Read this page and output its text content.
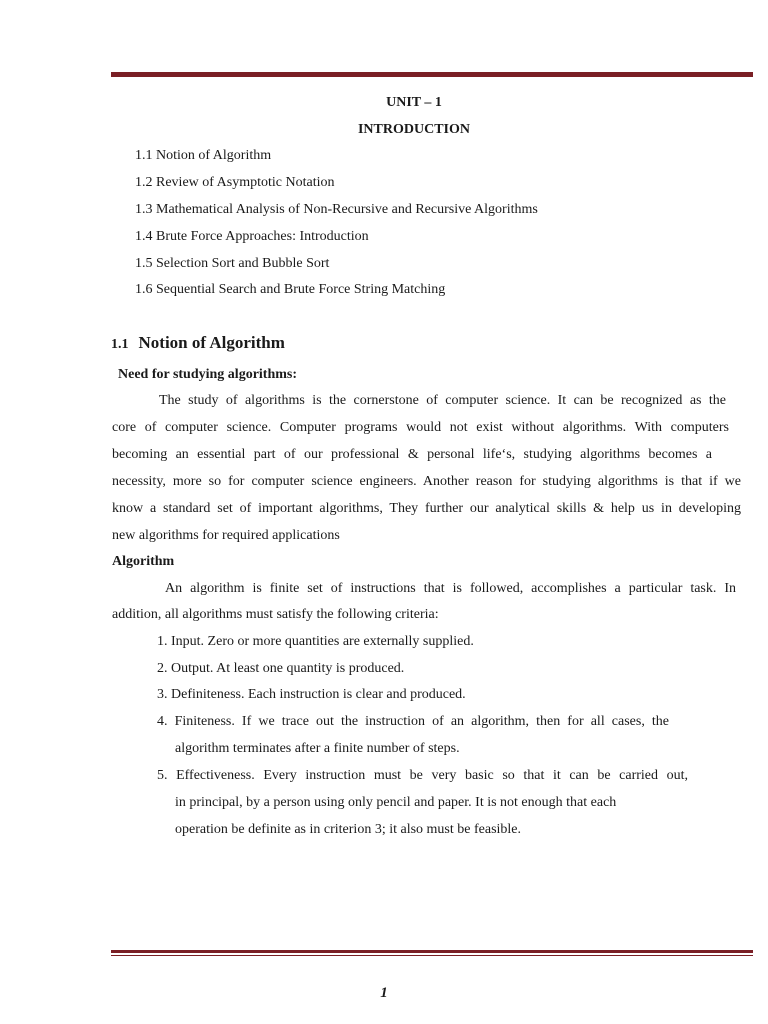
UNIT – 1
INTRODUCTION
1.1 Notion of Algorithm
1.2 Review of Asymptotic Notation
1.3 Mathematical Analysis of Non-Recursive and Recursive Algorithms
1.4 Brute Force Approaches: Introduction
1.5 Selection Sort and Bubble Sort
1.6 Sequential Search and Brute Force String Matching
1.1 Notion of Algorithm
Need for studying algorithms:
The study of algorithms is the cornerstone of computer science. It can be recognized as the
core of computer science. Computer programs would not exist without algorithms. With computers
becoming an essential part of our professional & personal life‘s, studying algorithms becomes a
necessity, more so for computer science engineers. Another reason for studying algorithms is that if we
know a standard set of important algorithms, They further our analytical skills & help us in developing
new algorithms for required applications
Algorithm
An algorithm is finite set of instructions that is followed, accomplishes a particular task. In
addition, all algorithms must satisfy the following criteria:
1. Input. Zero or more quantities are externally supplied.
2. Output. At least one quantity is produced.
3. Definiteness. Each instruction is clear and produced.
4. Finiteness. If we trace out the instruction of an algorithm, then for all cases, the
algorithm terminates after a finite number of steps.
5. Effectiveness. Every instruction must be very basic so that it can be carried out,
in principal, by a person using only pencil and paper. It is not enough that each
operation be definite as in criterion 3; it also must be feasible.
1
